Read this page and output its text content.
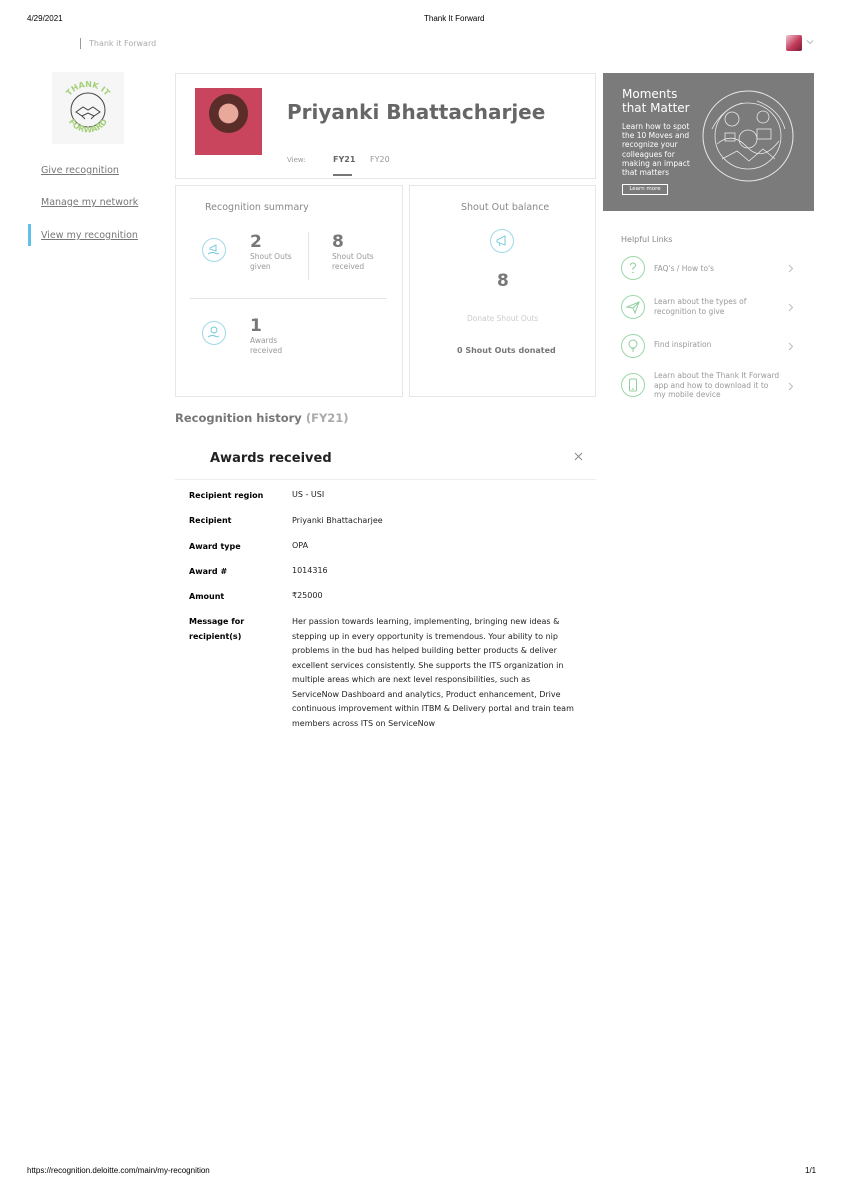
4/29/2021	Thank It Forward
Thank it Forward
THANK IT
FORWARD
Give recognition
Manage my network
View my recognition
Priyanki Bhattacharjee
View:	FY21 FY20
Recognition summary
2
Shout Outs
given
8
Shout Outs
received
1
Awards
received
Shout Out balance
8
Donate Shout Outs
0 Shout Outs donated
Moments
that Matter
Learn how to spot the 10 Moves and recognize your colleagues for making an impact that matters
Learn more
Helpful Links
FAQ's / How to's
Learn about the types of recognition to give
Find inspiration
Learn about the Thank It Forward app and how to download it to my mobile device
Recognition history (FY21)
Awards received
Recipient region	US - USI
Recipient	Priyanki Bhattacharjee
Award type	OPA
Award #	1014316
Amount	₹25000
Message for recipient(s)
Her passion towards learning, implementing, bringing new ideas & stepping up in every opportunity is tremendous. Your ability to nip problems in the bud has helped building better products & deliver excellent services consistently. She supports the ITS organization in multiple areas which are next level responsibilities, such as ServiceNow Dashboard and analytics, Product enhancement, Drive continuous improvement within ITBM & Delivery portal and train team members across ITS on ServiceNow
https://recognition.deloitte.com/main/my-recognition	1/1
